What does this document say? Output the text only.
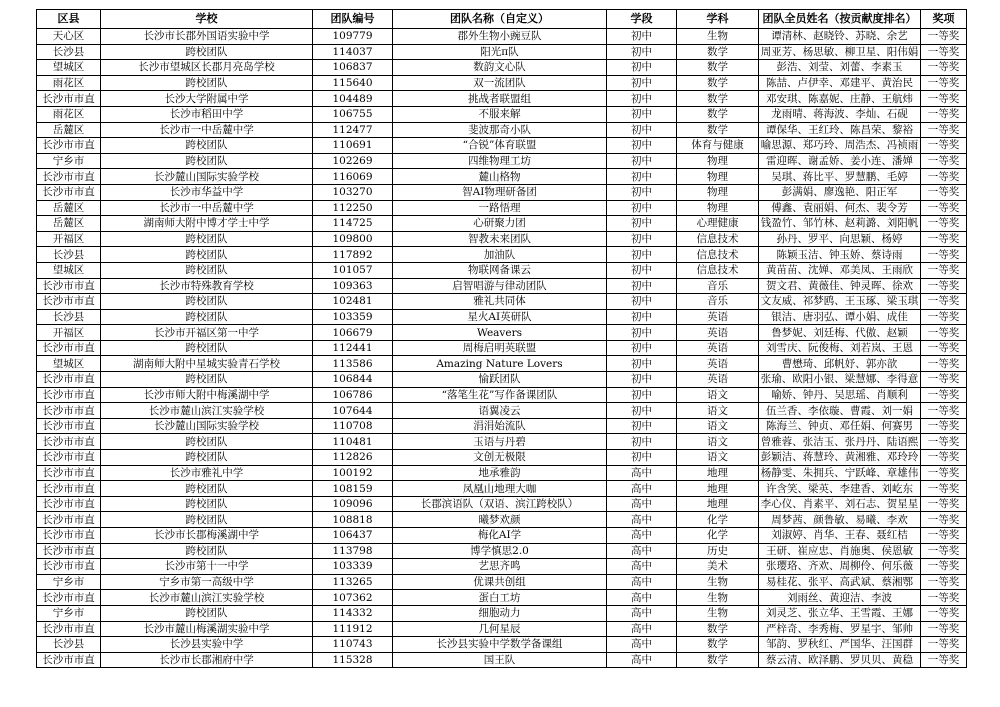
区县	学校	团队编号	团队名称（自定义）	学段	学科	团队全员姓名（按贡献度排名）	奖项
天心区	长沙市长郡外国语实验中学	109779	郡外生物小豌豆队	初中	生物	谭清林、赵晓铃、苏晓、余艺	一等奖
长沙县	跨校团队	114037	阳光π队	初中	数学	周亚芳、杨思敏、柳卫星、阳伟娟	一等奖
望城区	长沙市望城区长郡月亮岛学校	106837	数韵文心队	初中	数学	彭浩、刘莹、刘蕾、李素玉	一等奖
雨花区	跨校团队	115640	双一流团队	初中	数学	陈喆、卢伊幸、邓建平、黄治民	一等奖
长沙市市直	长沙大学附属中学	104489	挑战者联盟组	初中	数学	邓安琪、陈嘉妮、庄静、王航炜	一等奖
雨花区	长沙市稻田中学	106755	不服来解	初中	数学	龙雨晴、蒋海波、李灿、石砚	一等奖
岳麓区	长沙市一中岳麓中学	112477	斐波那奇小队	初中	数学	谭保华、王红玲、陈昌荣、黎裕	一等奖
长沙市市直	跨校团队	110691	“合锐”体育联盟	初中	体育与健康	喻思源、郑巧玲、周浩杰、冯祯雨	一等奖
宁乡市	跨校团队	102269	四维物理工坊	初中	物理	雷迎晖、谢孟娇、姜小连、潘婵	一等奖
长沙市市直	长沙麓山国际实验学校	116069	麓山格物	初中	物理	吴琪、蒋比平、罗慧鹏、毛婷	一等奖
长沙市市直	长沙市华益中学	103270	智AI物理研备团	初中	物理	彭满娟、廖逸艳、阳正军	一等奖
岳麓区	长沙市一中岳麓中学	112250	一路悟理	初中	物理	傅鑫、袁丽娟、何杰、裴令芳	一等奖
岳麓区	湖南师大附中博才学士中学	114725	心研聚力团	初中	心理健康	钱盈竹、邹竹林、赵莉潞、刘阳帆	一等奖
开福区	跨校团队	109800	智教未来团队	初中	信息技术	孙丹、罗平、向思颖、杨婷	一等奖
长沙县	跨校团队	117892	加油队	初中	信息技术	陈颖玉洁、钟玉娇、蔡诗雨	一等奖
望城区	跨校团队	101057	物联网备课云	初中	信息技术	黄苗苗、沈婵、邓美凤、王雨欣	一等奖
长沙市市直	长沙市特殊教育学校	109363	启智唱游与律动团队	初中	音乐	贺文君、黄薇佳、钟灵晖、徐欢	一等奖
长沙市市直	跨校团队	102481	雅礼共同体	初中	音乐	文友威、祁梦鸥、王玉琢、梁玉琪	一等奖
长沙县	跨校团队	103359	星火AI英研队	初中	英语	银洁、唐羽弘、谭小娟、成佳	一等奖
开福区	长沙市开福区第一中学	106679	Weavers	初中	英语	鲁梦妮、刘廷梅、代傲、赵颖	一等奖
长沙市市直	跨校团队	112441	周梅启明英联盟	初中	英语	刘雪庆、阮俊梅、刘若岚、王恩	一等奖
望城区	湖南师大附中星城实验青石学校	113586	Amazing Nature Lovers	初中	英语	曹懋琦、邱帆妤、郭亦歆	一等奖
长沙市市直	跨校团队	106844	愉跃团队	初中	英语	张瑜、欧阳小银、梁慧娜、李得意	一等奖
长沙市市直	长沙市师大附中梅溪湖中学	106786	“落笔生花”写作备课团队	初中	语文	喻娇、钟丹、吴思瑶、肖顺利	一等奖
长沙市市直	长沙市麓山滨江实验学校	107644	语翼凌云	初中	语文	伍兰香、李依璇、曹霞、刘一娟	一等奖
长沙市市直	长沙麓山国际实验学校	110708	涓涓始流队	初中	语文	陈海兰、钟贞、邓任娟、何赛男	一等奖
长沙市市直	跨校团队	110481	玉语与丹碧	初中	语文	曾雅蓉、张洁玉、张丹丹、陆语熙	一等奖
长沙市市直	跨校团队	112826	文创无极限	初中	语文	彭颖洁、蒋慧玲、黄湘雅、邓玲玲	一等奖
长沙市市直	长沙市雅礼中学	100192	地承雅韵	高中	地理	杨静雯、朱拥兵、宁跃峰、章雄伟	一等奖
长沙市市直	跨校团队	108159	凤凰山地理大咖	高中	地理	许含笑、梁英、李建香、刘屹东	一等奖
长沙市市直	跨校团队	109096	长郡滨语队（双语、滨江跨校队）	高中	地理	李心仪、肖素平、刘石志、贺星星	一等奖
长沙市市直	跨校团队	108818	曦梦欢颜	高中	化学	周梦茜、颜鲁敏、易曦、李欢	一等奖
长沙市市直	长沙市长郡梅溪湖中学	106437	梅化AI学	高中	化学	刘淑婷、肖华、王春、聂红桔	一等奖
长沙市市直	跨校团队	113798	博学慎思2.0	高中	历史	王研、崔应忠、肖施奥、侯恩敏	一等奖
长沙市市直	长沙市第十一中学	103339	艺思齐鸣	高中	美术	张璎珞、齐欢、周柳伶、何乐薇	一等奖
宁乡市	宁乡市第一高级中学	113265	优课共创组	高中	生物	易桂花、张平、高武斌、蔡湘鄂	一等奖
长沙市市直	长沙市麓山滨江实验学校	107362	蛋白工坊	高中	生物	刘雨丝、黄迎洁、李波	一等奖
宁乡市	跨校团队	114332	细胞动力	高中	生物	刘灵芝、张立华、王雪霞、王娜	一等奖
长沙市市直	长沙市麓山梅溪湖实验中学	111912	几何星辰	高中	数学	严梓奇、李秀梅、罗星宇、邹帅	一等奖
长沙县	长沙县实验中学	110743	长沙县实验中学数学备课组	高中	数学	邹韵、罗秋红、严国华、汪国群	一等奖
长沙市市直	长沙市长郡湘府中学	115328	国王队	高中	数学	蔡云清、欧泽鹏、罗贝贝、黄稳	一等奖
